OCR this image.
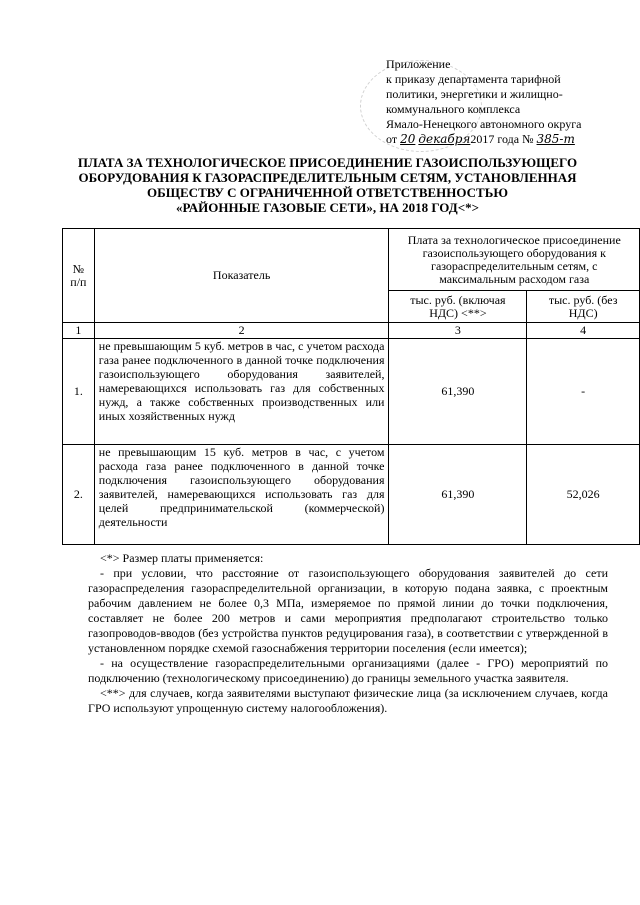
Приложение
к приказу департамента тарифной
политики, энергетики и жилищно-
коммунального комплекса
Ямало-Ненецкого автономного округа
от 20 декабря2017 года № 385-т
ПЛАТА ЗА ТЕХНОЛОГИЧЕСКОЕ ПРИСОЕДИНЕНИЕ ГАЗОИСПОЛЬЗУЮЩЕГО
ОБОРУДОВАНИЯ К ГАЗОРАСПРЕДЕЛИТЕЛЬНЫМ СЕТЯМ, УСТАНОВЛЕННАЯ
ОБЩЕСТВУ С ОГРАНИЧЕННОЙ ОТВЕТСТВЕННОСТЬЮ
«РАЙОННЫЕ ГАЗОВЫЕ СЕТИ», НА 2018 ГОД<*>
№ п/п	Показатель	Плата за технологическое присоединение газоиспользующего оборудования к газораспределительным сетям, с максимальным расходом газа	
		тыс. руб. (включая НДС) <**>	тыс. руб. (без НДС)
1	2	3	4
1.	не превышающим 5 куб. метров в час, с учетом расхода газа ранее подключенного в данной точке подключения газоиспользующего оборудования заявителей, намеревающихся использовать газ для собственных нужд, а также собственных производственных или иных хозяйственных нужд	61,390	-
2.	не превышающим 15 куб. метров в час, с учетом расхода газа ранее подключенного в данной точке подключения газоиспользующего оборудования заявителей, намеревающихся использовать газ для целей предпринимательской (коммерческой) деятельности	61,390	52,026

<*> Размер платы применяется:

- при условии, что расстояние от газоиспользующего оборудования заявителей до сети газораспределения газораспределительной организации, в которую подана заявка, с проектным рабочим давлением не более 0,3 МПа, измеряемое по прямой линии до точки подключения, составляет не более 200 метров и сами мероприятия предполагают строительство только газопроводов-вводов (без устройства пунктов редуцирования газа), в соответствии с утвержденной в установленном порядке схемой газоснабжения территории поселения (если имеется);

- на осуществление газораспределительными организациями (далее - ГРО) мероприятий по подключению (технологическому присоединению) до границы земельного участка заявителя.

<**> для случаев, когда заявителями выступают физические лица (за исключением случаев, когда ГРО используют упрощенную систему налогообложения).
